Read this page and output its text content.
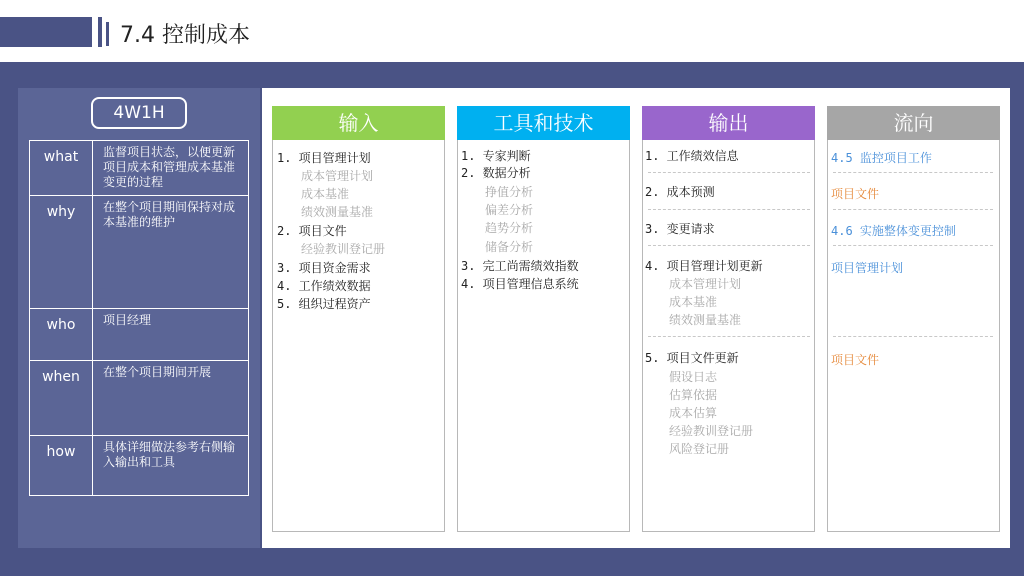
7.4 控制成本
4W1H
what	监督项目状态，以便更新项目成本和管理成本基准变更的过程
why	在整个项目期间保持对成本基准的维护
who	项目经理
when	在整个项目期间开展
how	具体详细做法参考右侧输入输出和工具
输入
1. 项目管理计划
成本管理计划
成本基准
绩效测量基准
2. 项目文件
经验教训登记册
3. 项目资金需求
4. 工作绩效数据
5. 组织过程资产
工具和技术
1. 专家判断
2. 数据分析
挣值分析
偏差分析
趋势分析
储备分析
3. 完工尚需绩效指数
4. 项目管理信息系统
输出
1. 工作绩效信息
2. 成本预测
3. 变更请求
4. 项目管理计划更新
成本管理计划
成本基准
绩效测量基准
5. 项目文件更新
假设日志
估算依据
成本估算
经验教训登记册
风险登记册
流向
4.5 监控项目工作
项目文件
4.6 实施整体变更控制
项目管理计划
项目文件
